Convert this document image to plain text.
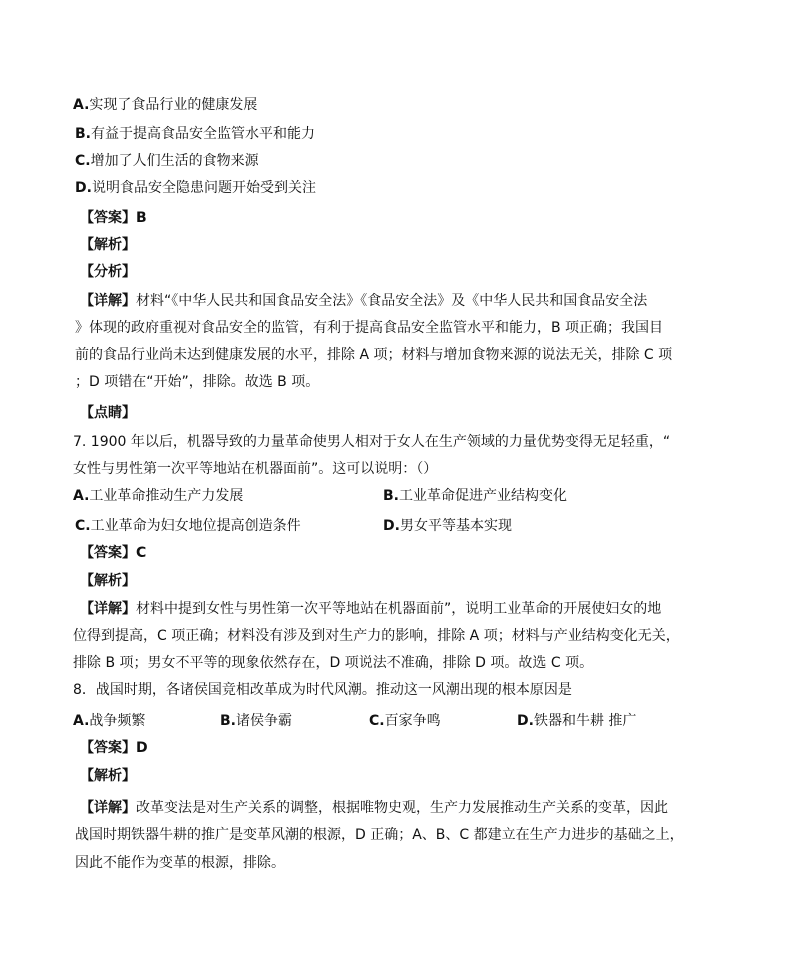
A.实现了食品行业的健康发展
B.有益于提高食品安全监管水平和能力
C.增加了人们生活的食物来源
D.说明食品安全隐患问题开始受到关注
【答案】B
【解析】
【分析】
【详解】材料“《中华人民共和国食品安全法》《食品安全法》及《中华人民共和国食品安全法
》体现的政府重视对食品安全的监管，有利于提高食品安全监管水平和能力，B 项正确；我国目
前的食品行业尚未达到健康发展的水平，排除 A 项；材料与增加食物来源的说法无关，排除 C 项
；D 项错在“开始”，排除。故选 B 项。
【点睛】
7. 1900 年以后，机器导致的力量革命使男人相对于女人在生产领域的力量优势变得无足轻重，“
女性与男性第一次平等地站在机器面前”。这可以说明：（）
A.工业革命推动生产力发展	B.工业革命促进产业结构变化
C.工业革命为妇女地位提高创造条件	D.男女平等基本实现
【答案】C
【解析】
【详解】材料中提到女性与男性第一次平等地站在机器面前”，说明工业革命的开展使妇女的地
位得到提高，C 项正确；材料没有涉及到对生产力的影响，排除 A 项；材料与产业结构变化无关，
排除 B 项；男女不平等的现象依然存在，D 项说法不准确，排除 D 项。故选 C 项。
8．战国时期，各诸侯国竞相改革成为时代风潮。推动这一风潮出现的根本原因是
A.战争频繁	B.诸侯争霸	C.百家争鸣	D.铁器和牛耕 推广
【答案】D
【解析】
【详解】改革变法是对生产关系的调整，根据唯物史观，生产力发展推动生产关系的变革，因此
战国时期铁器牛耕的推广是变革风潮的根源，D 正确；A、B、C 都建立在生产力进步的基础之上，
因此不能作为变革的根源，排除。
